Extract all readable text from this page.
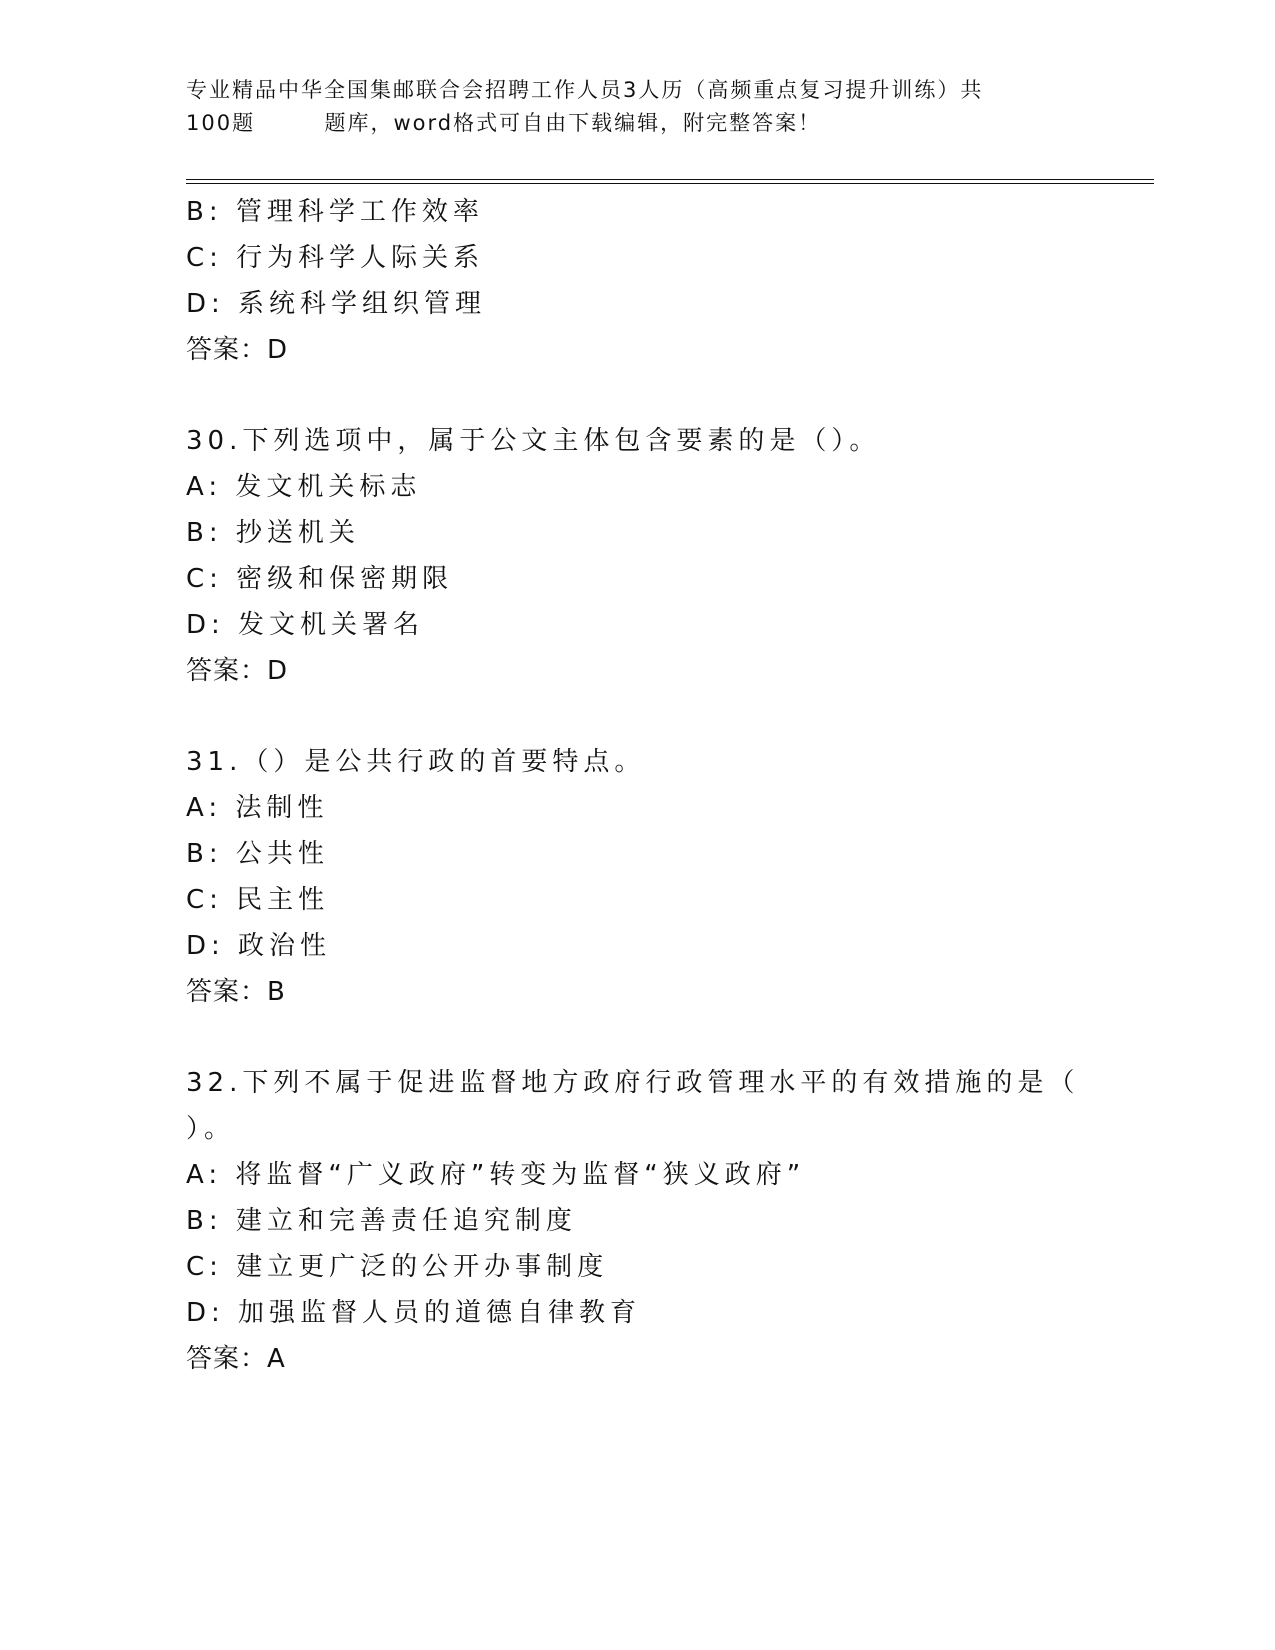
专业精品中华全国集邮联合会招聘工作人员3人历（高频重点复习提升训练）共
100题        题库，word格式可自由下载编辑，附完整答案！
B: 管理科学工作效率
C: 行为科学人际关系
D: 系统科学组织管理
答案：D
30.下列选项中，属于公文主体包含要素的是（）。
A: 发文机关标志
B: 抄送机关
C: 密级和保密期限
D: 发文机关署名
答案：D
31.（）是公共行政的首要特点。
A: 法制性
B: 公共性
C: 民主性
D: 政治性
答案：B
32.下列不属于促进监督地方政府行政管理水平的有效措施的是（
）。
A: 将监督“广义政府”转变为监督“狭义政府”
B: 建立和完善责任追究制度
C: 建立更广泛的公开办事制度
D: 加强监督人员的道德自律教育
答案：A
